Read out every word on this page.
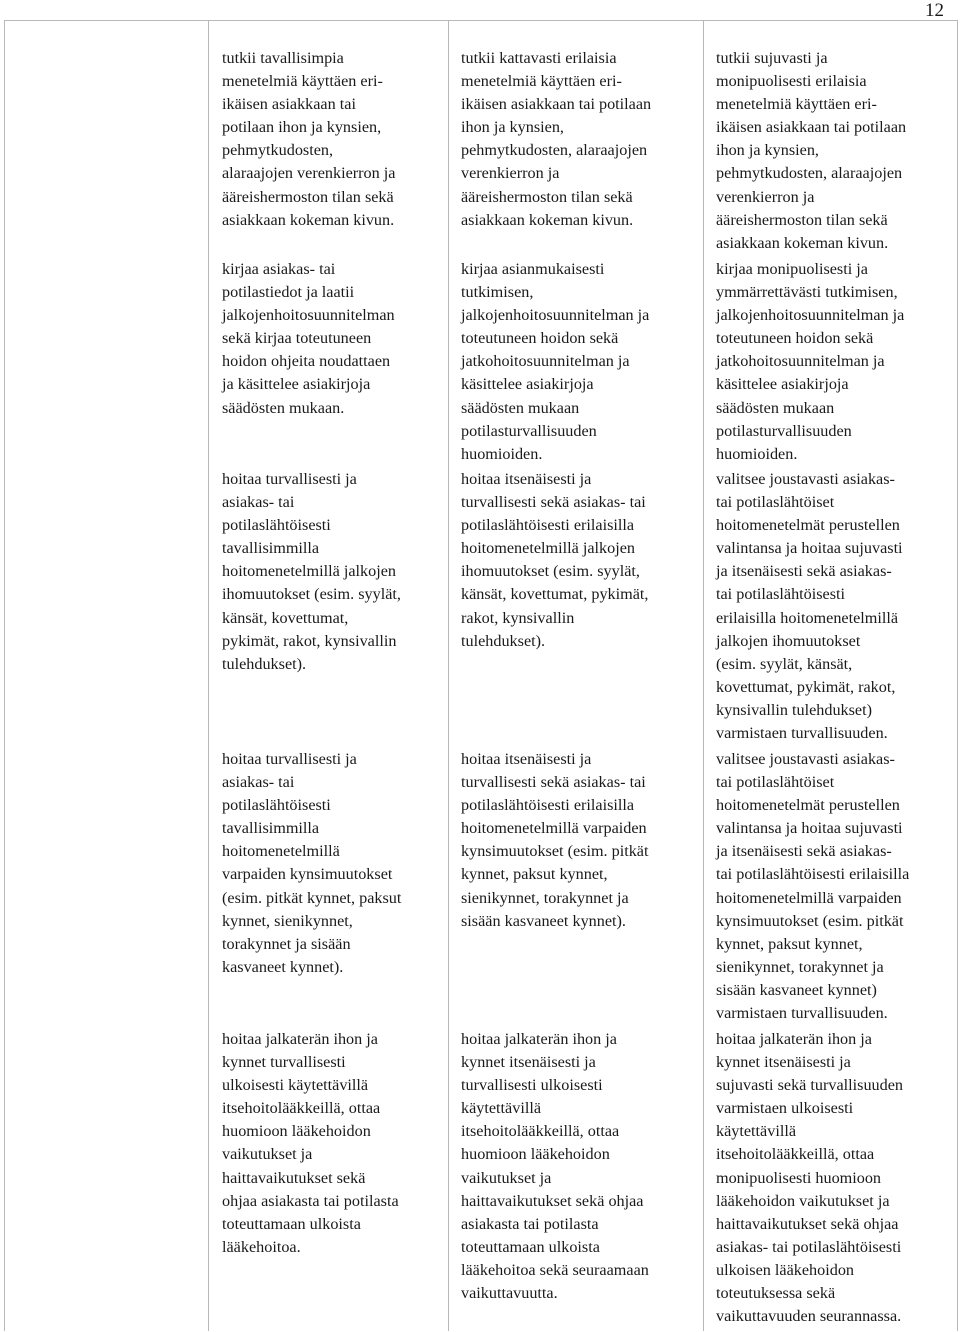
12

tutkii tavallisimpia
menetelmiä käyttäen eri-
ikäisen asiakkaan tai
potilaan ihon ja kynsien,
pehmytkudosten,
alaraajojen verenkierron ja
ääreishermoston tilan sekä
asiakkaan kokeman kivun.

kirjaa asiakas- tai
potilastiedot ja laatii
jalkojenhoitosuunnitelman
sekä kirjaa toteutuneen
hoidon ohjeita noudattaen
ja käsittelee asiakirjoja
säädösten mukaan.

hoitaa turvallisesti ja
asiakas- tai
potilaslähtöisesti
tavallisimmilla
hoitomenetelmillä jalkojen
ihomuutokset (esim. syylät,
känsät, kovettumat,
pykimät, rakot, kynsivallin
tulehdukset).

hoitaa turvallisesti ja
asiakas- tai
potilaslähtöisesti
tavallisimmilla
hoitomenetelmillä
varpaiden kynsimuutokset
(esim. pitkät kynnet, paksut
kynnet, sienikynnet,
torakynnet ja sisään
kasvaneet kynnet).

hoitaa jalkaterän ihon ja
kynnet turvallisesti
ulkoisesti käytettävillä
itsehoitolääkkeillä, ottaa
huomioon lääkehoidon
vaikutukset ja
haittavaikutukset sekä
ohjaa asiakasta tai potilasta
toteuttamaan ulkoista
lääkehoitoa.

tutkii kattavasti erilaisia
menetelmiä käyttäen eri-
ikäisen asiakkaan tai potilaan
ihon ja kynsien,
pehmytkudosten, alaraajojen
verenkierron ja
ääreishermoston tilan sekä
asiakkaan kokeman kivun.

kirjaa asianmukaisesti
tutkimisen,
jalkojenhoitosuunnitelman ja
toteutuneen hoidon sekä
jatkohoitosuunnitelman ja
käsittelee asiakirjoja
säädösten mukaan
potilasturvallisuuden
huomioiden.

hoitaa itsenäisesti ja
turvallisesti sekä asiakas- tai
potilaslähtöisesti erilaisilla
hoitomenetelmillä jalkojen
ihomuutokset (esim. syylät,
känsät, kovettumat, pykimät,
rakot, kynsivallin
tulehdukset).

hoitaa itsenäisesti ja
turvallisesti sekä asiakas- tai
potilaslähtöisesti erilaisilla
hoitomenetelmillä varpaiden
kynsimuutokset (esim. pitkät
kynnet, paksut kynnet,
sienikynnet, torakynnet ja
sisään kasvaneet kynnet).

hoitaa jalkaterän ihon ja
kynnet itsenäisesti ja
turvallisesti ulkoisesti
käytettävillä
itsehoitolääkkeillä, ottaa
huomioon lääkehoidon
vaikutukset ja
haittavaikutukset sekä ohjaa
asiakasta tai potilasta
toteuttamaan ulkoista
lääkehoitoa sekä seuraamaan
vaikuttavuutta.

tutkii sujuvasti ja
monipuolisesti erilaisia
menetelmiä käyttäen eri-
ikäisen asiakkaan tai potilaan
ihon ja kynsien,
pehmytkudosten, alaraajojen
verenkierron ja
ääreishermoston tilan sekä
asiakkaan kokeman kivun.

kirjaa monipuolisesti ja
ymmärrettävästi tutkimisen,
jalkojenhoitosuunnitelman ja
toteutuneen hoidon sekä
jatkohoitosuunnitelman ja
käsittelee asiakirjoja
säädösten mukaan
potilasturvallisuuden
huomioiden.

valitsee joustavasti asiakas-
tai potilaslähtöiset
hoitomenetelmät perustellen
valintansa ja hoitaa sujuvasti
ja itsenäisesti sekä asiakas-
tai potilaslähtöisesti
erilaisilla hoitomenetelmillä
jalkojen ihomuutokset
(esim. syylät, känsät,
kovettumat, pykimät, rakot,
kynsivallin tulehdukset)
varmistaen turvallisuuden.

valitsee joustavasti asiakas-
tai potilaslähtöiset
hoitomenetelmät perustellen
valintansa ja hoitaa sujuvasti
ja itsenäisesti sekä asiakas-
tai potilaslähtöisesti erilaisilla
hoitomenetelmillä varpaiden
kynsimuutokset (esim. pitkät
kynnet, paksut kynnet,
sienikynnet, torakynnet ja
sisään kasvaneet kynnet)
varmistaen turvallisuuden.

hoitaa jalkaterän ihon ja
kynnet itsenäisesti ja
sujuvasti sekä turvallisuuden
varmistaen ulkoisesti
käytettävillä
itsehoitolääkkeillä, ottaa
monipuolisesti huomioon
lääkehoidon vaikutukset ja
haittavaikutukset sekä ohjaa
asiakas- tai potilaslähtöisesti
ulkoisen lääkehoidon
toteutuksessa sekä
vaikuttavuuden seurannassa.
